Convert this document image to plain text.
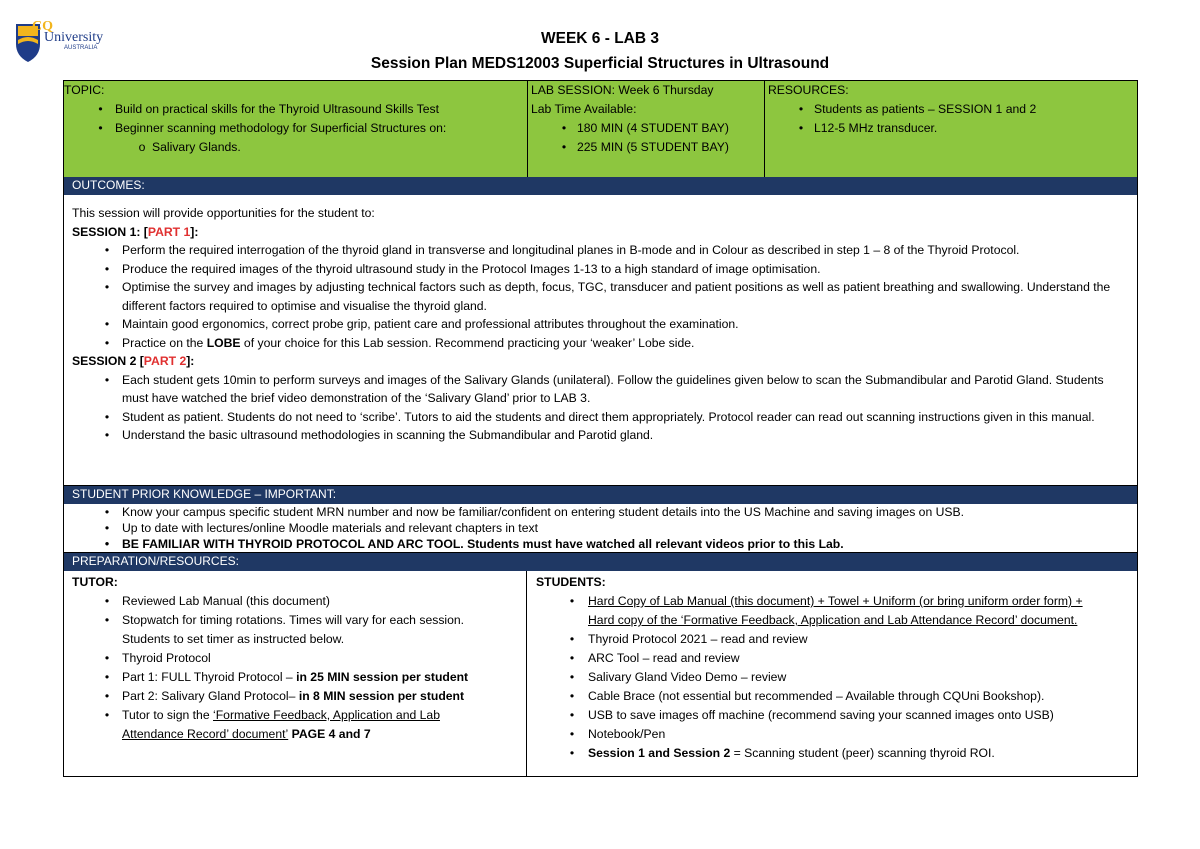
CQ
University
AUSTRALIA
WEEK 6 - LAB 3
Session Plan MEDS12003 Superficial Structures in Ultrasound
TOPIC:
•	Build on practical skills for the Thyroid Ultrasound Skills Test
•	Beginner scanning methodology for Superficial Structures on:
o Salivary Glands.
LAB SESSION: Week 6 Thursday
Lab Time Available:
• 180 MIN (4 STUDENT BAY)
• 225 MIN (5 STUDENT BAY)
RESOURCES:
• Students as patients – SESSION 1 and 2
• L12-5 MHz transducer.
OUTCOMES:
This session will provide opportunities for the student to:
SESSION 1: [PART 1]:
•	Perform the required interrogation of the thyroid gland in transverse and longitudinal planes in B-mode and in Colour as described in step 1 – 8 of the Thyroid Protocol.
•	Produce the required images of the thyroid ultrasound study in the Protocol Images 1-13 to a high standard of image optimisation.
•	Optimise the survey and images by adjusting technical factors such as depth, focus, TGC, transducer and patient positions as well as patient breathing and swallowing. Understand the different factors required to optimise and visualise the thyroid gland.
•	Maintain good ergonomics, correct probe grip, patient care and professional attributes throughout the examination.
•	Practice on the LOBE of your choice for this Lab session. Recommend practicing your ‘weaker’ Lobe side.
SESSION 2 [PART 2]:
•	Each student gets 10min to perform surveys and images of the Salivary Glands (unilateral). Follow the guidelines given below to scan the Submandibular and Parotid Gland. Students must have watched the brief video demonstration of the ‘Salivary Gland’ prior to LAB 3.
•	Student as patient. Students do not need to ‘scribe’. Tutors to aid the students and direct them appropriately. Protocol reader can read out scanning instructions given in this manual.
•	Understand the basic ultrasound methodologies in scanning the Submandibular and Parotid gland.
STUDENT PRIOR KNOWLEDGE – IMPORTANT:
•	Know your campus specific student MRN number and now be familiar/confident on entering student details into the US Machine and saving images on USB.
•	Up to date with lectures/online Moodle materials and relevant chapters in text
•	BE FAMILIAR WITH THYROID PROTOCOL AND ARC TOOL. Students must have watched all relevant videos prior to this Lab.
PREPARATION/RESOURCES:
TUTOR:
•	Reviewed Lab Manual (this document)
•	Stopwatch for timing rotations. Times will vary for each session. Students to set timer as instructed below.
•	Thyroid Protocol
•	Part 1: FULL Thyroid Protocol – in 25 MIN session per student
•	Part 2: Salivary Gland Protocol– in 8 MIN session per student
•	Tutor to sign the ‘Formative Feedback, Application and Lab Attendance Record’ document’ PAGE 4 and 7
STUDENTS:
•	Hard Copy of Lab Manual (this document) + Towel + Uniform (or bring uniform order form) + Hard copy of the ‘Formative Feedback, Application and Lab Attendance Record’ document.
•	Thyroid Protocol 2021 – read and review
•	ARC Tool – read and review
•	Salivary Gland Video Demo – review
•	Cable Brace (not essential but recommended – Available through CQUni Bookshop).
•	USB to save images off machine (recommend saving your scanned images onto USB)
•	Notebook/Pen
•	Session 1 and Session 2 = Scanning student (peer) scanning thyroid ROI.
